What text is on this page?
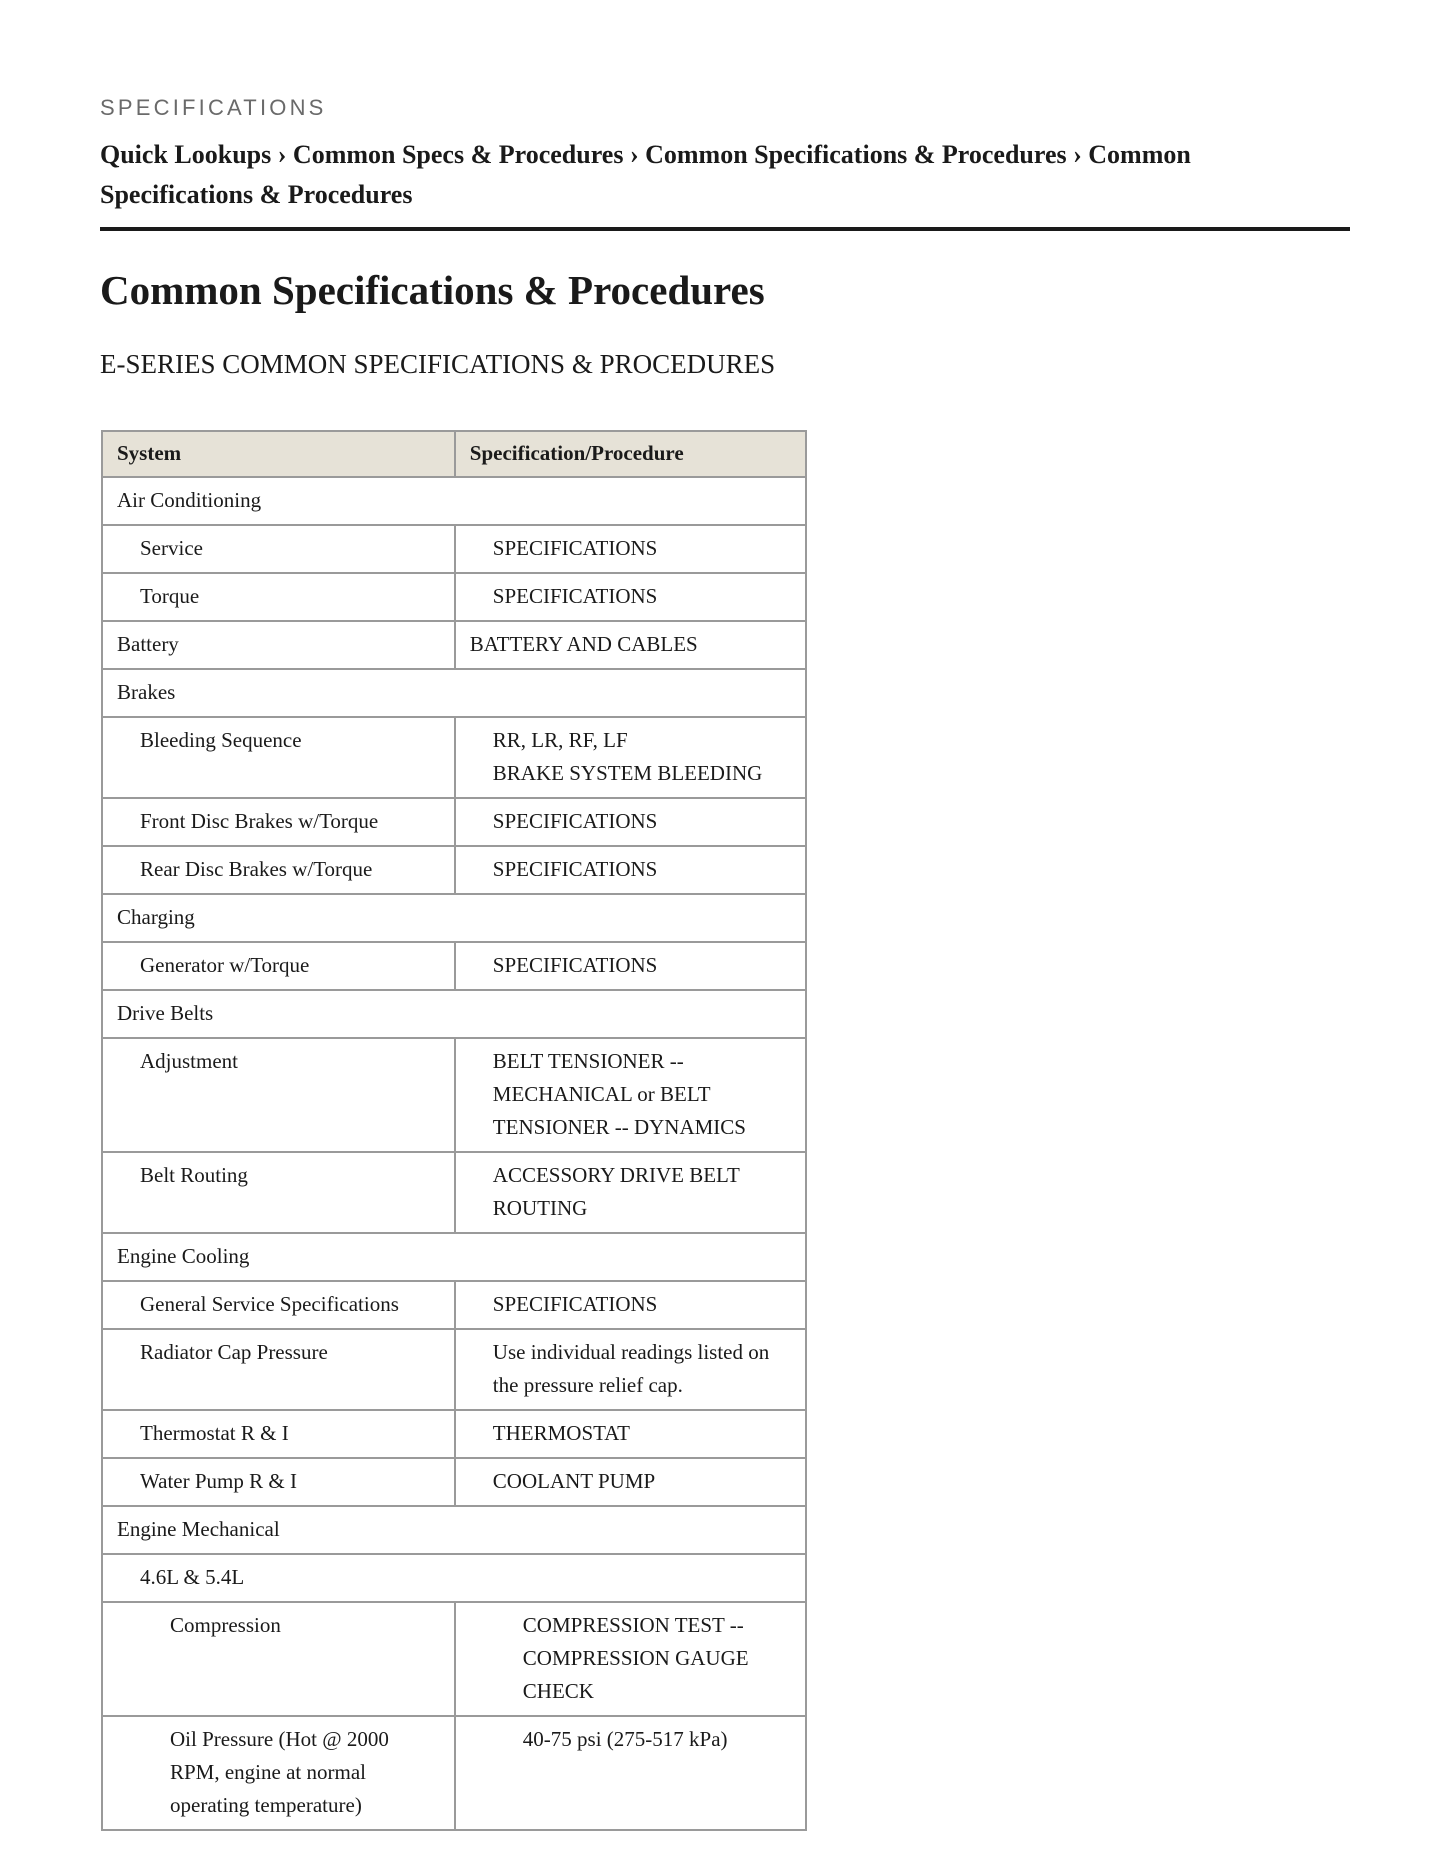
SPECIFICATIONS
Quick Lookups › Common Specs & Procedures › Common Specifications & Procedures › Common Specifications & Procedures
Common Specifications & Procedures
E-SERIES COMMON SPECIFICATIONS & PROCEDURES
System	Specification/Procedure
Air Conditioning	
Service	SPECIFICATIONS

Torque	SPECIFICATIONS

Battery	BATTERY AND CABLES

Brakes	
Bleeding Sequence	RR, LR, RF, LF
BRAKE SYSTEM BLEEDING

Front Disc Brakes w/Torque	SPECIFICATIONS

Rear Disc Brakes w/Torque	SPECIFICATIONS

Charging	
Generator w/Torque	SPECIFICATIONS

Drive Belts	
Adjustment	BELT TENSIONER -- MECHANICAL or BELT TENSIONER -- DYNAMICS

Belt Routing	ACCESSORY DRIVE BELT ROUTING

Engine Cooling	
General Service Specifications	SPECIFICATIONS

Radiator Cap Pressure	Use individual readings listed on the pressure relief cap.

Thermostat R & I	THERMOSTAT

Water Pump R & I	COOLANT PUMP

Engine Mechanical	
4.6L & 5.4L	
Compression	COMPRESSION TEST -- COMPRESSION GAUGE CHECK

Oil Pressure (Hot @ 2000 RPM, engine at normal operating temperature)	40-75 psi (275-517 kPa)
